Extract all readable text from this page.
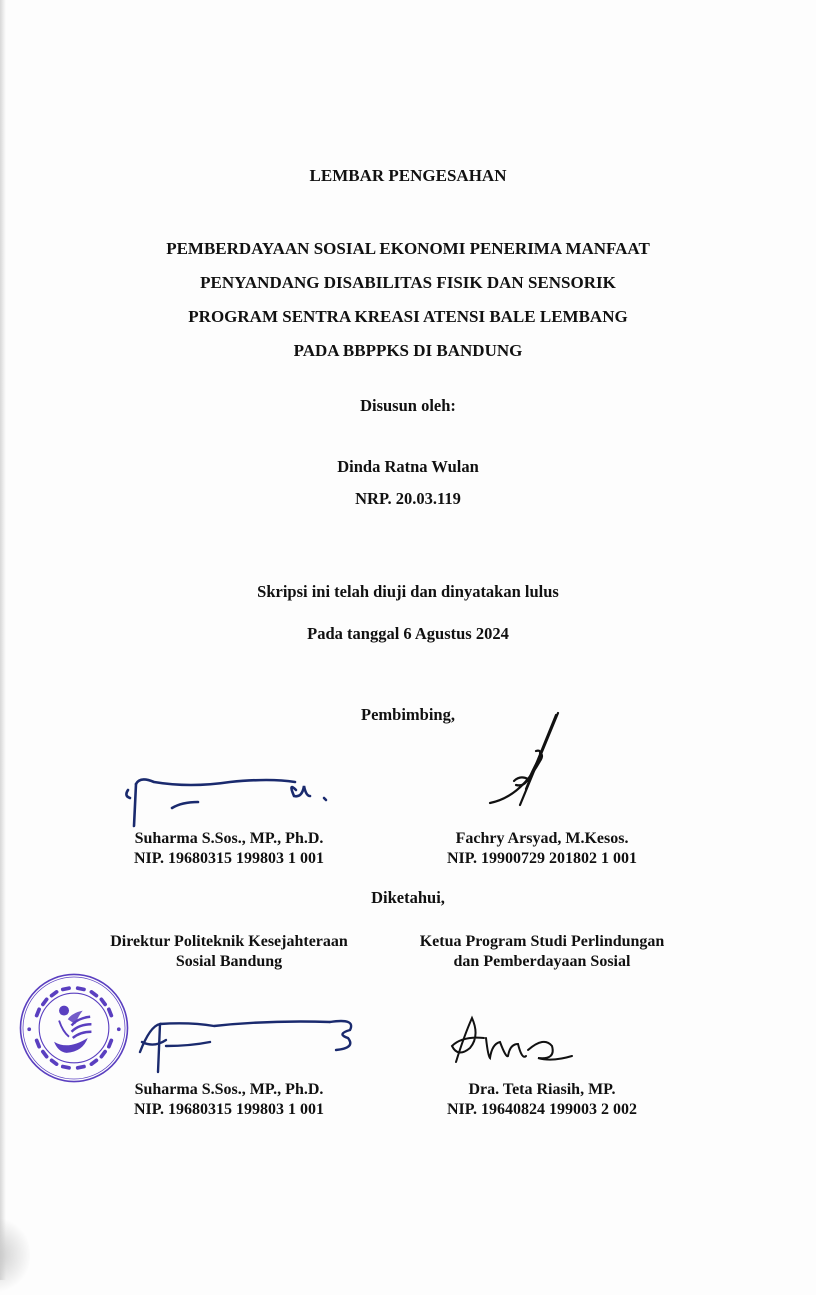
LEMBAR PENGESAHAN
PEMBERDAYAAN SOSIAL EKONOMI PENERIMA MANFAAT
PENYANDANG DISABILITAS FISIK DAN SENSORIK
PROGRAM SENTRA KREASI ATENSI BALE LEMBANG
PADA BBPPKS DI BANDUNG
Disusun oleh:
Dinda Ratna Wulan
NRP. 20.03.119
Skripsi ini telah diuji dan dinyatakan lulus
Pada tanggal 6 Agustus 2024
Pembimbing,
Suharma S.Sos., MP., Ph.D.
NIP. 19680315 199803 1 001
Fachry Arsyad, M.Kesos.
NIP. 19900729 201802 1 001
Diketahui,
Direktur Politeknik Kesejahteraan
Sosial Bandung
Ketua Program Studi Perlindungan
dan Pemberdayaan Sosial
Suharma S.Sos., MP., Ph.D.
NIP. 19680315 199803 1 001
Dra. Teta Riasih, MP.
NIP. 19640824 199003 2 002
